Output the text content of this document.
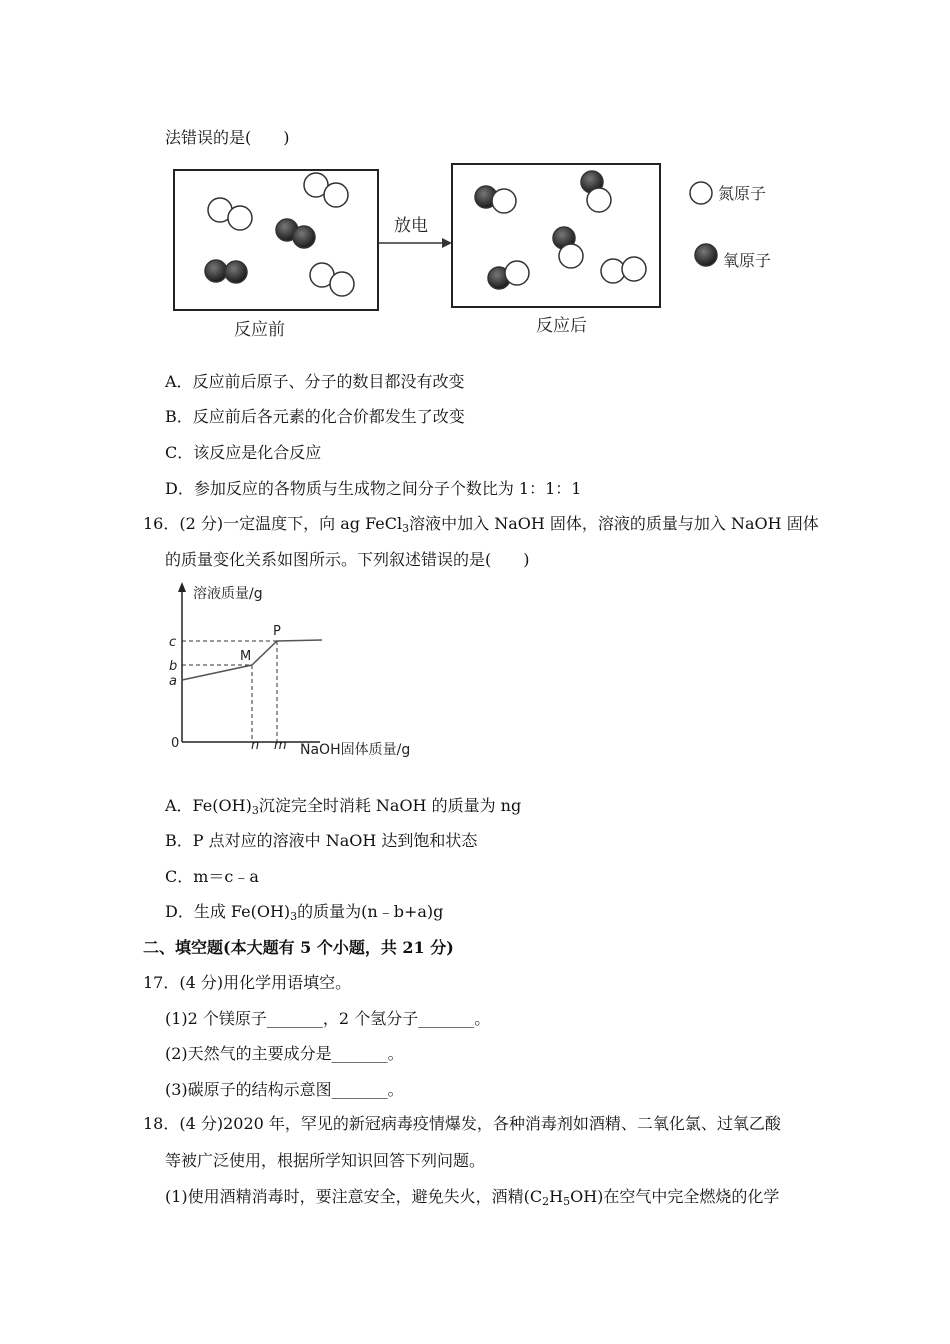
法错误的是(　　)
放电
反应前	反应后
氮原子
氧原子
A．反应前后原子、分子的数目都没有改变
B．反应前后各元素的化合价都发生了改变
C．该反应是化合反应
D．参加反应的各物质与生成物之间分子个数比为 1：1：1
16．(2 分)一定温度下，向 ag FeCl$_3$溶液中加入 NaOH 固体，溶液的质量与加入 NaOH 固体
的质量变化关系如图所示。下列叙述错误的是(　　)
溶液质量/g
0
c
b
a
M
P
n m NaOH固体质量/g
A．$Fe(OH)_3$沉淀完全时消耗 NaOH 的质量为 ng
B．P 点对应的溶液中 NaOH 达到饱和状态
C．m＝c﹣a
D．生成 $Fe(OH)_3$的质量为(n﹣b+a)g
二、填空题(本大题有 5 个小题，共 21 分)
17．(4 分)用化学用语填空。
(1)2 个镁原子_______，2 个氢分子_______。
(2)天然气的主要成分是_______。
(3)碳原子的结构示意图_______。
18．(4 分)2020 年，罕见的新冠病毒疫情爆发，各种消毒剂如酒精、二氧化氯、过氧乙酸
等被广泛使用，根据所学知识回答下列问题。
(1)使用酒精消毒时，要注意安全，避免失火，酒精$(C_2H_5OH)$在空气中完全燃烧的化学
